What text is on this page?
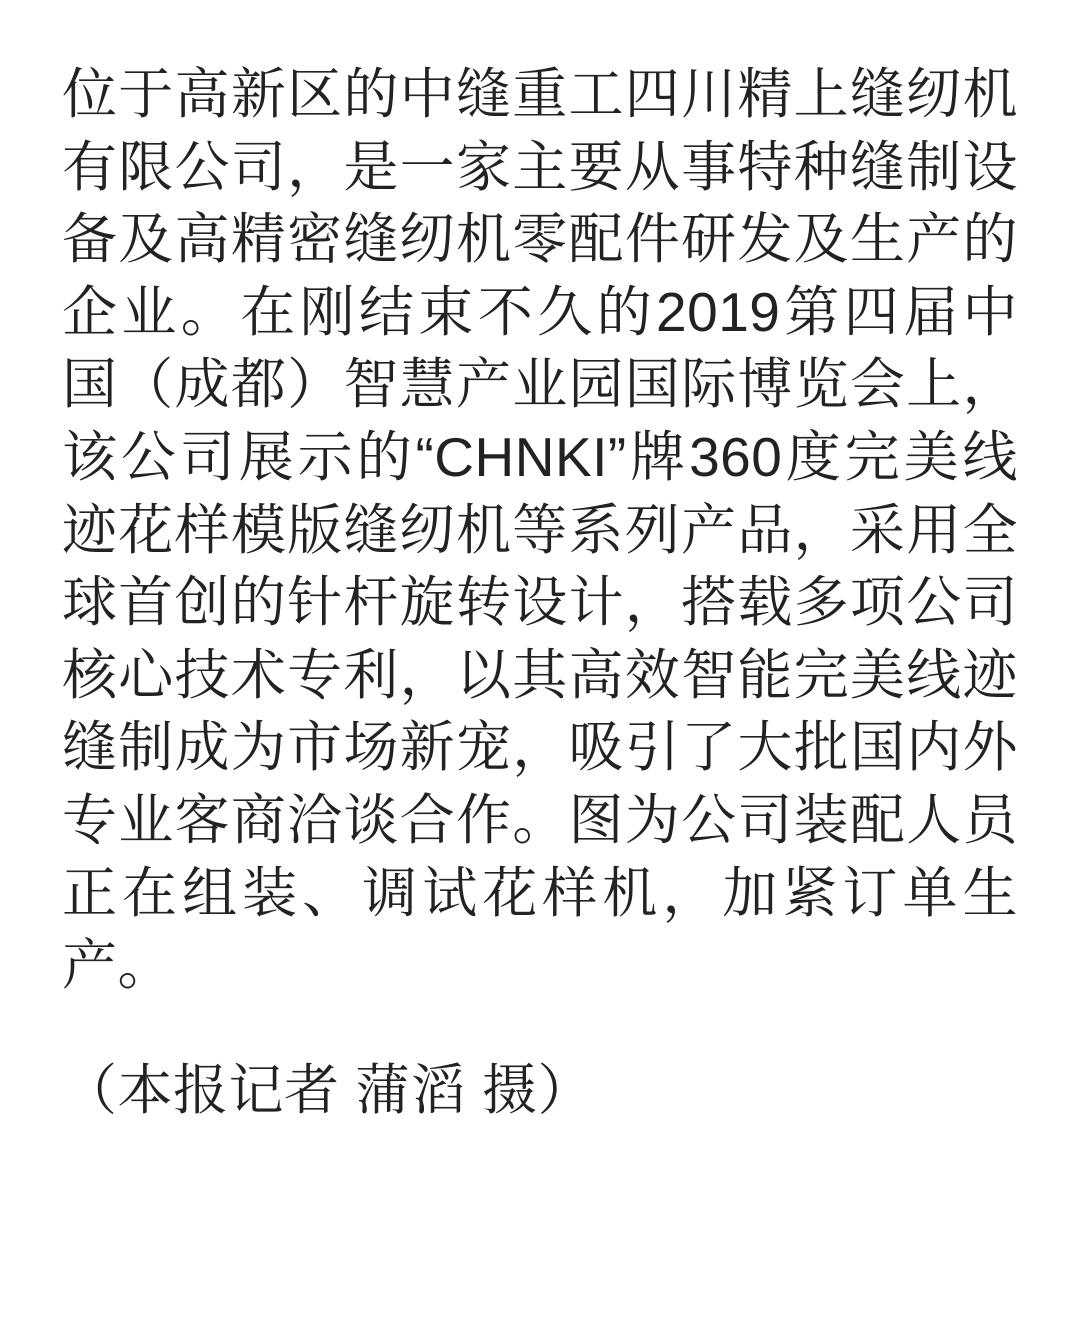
位于高新区的中缝重工四川精上缝纫机有限公司，是一家主要从事特种缝制设备及高精密缝纫机零配件研发及生产的企业。在刚结束不久的2019第四届中国（成都）智慧产业园国际博览会上，该公司展示的“CHNKI”牌360度完美线迹花样模版缝纫机等系列产品，采用全球首创的针杆旋转设计，搭载多项公司核心技术专利，以其高效智能完美线迹缝制成为市场新宠，吸引了大批国内外专业客商洽谈合作。图为公司装配人员正在组装、调试花样机，加紧订单生产。

（本报记者 蒲滔 摄）
